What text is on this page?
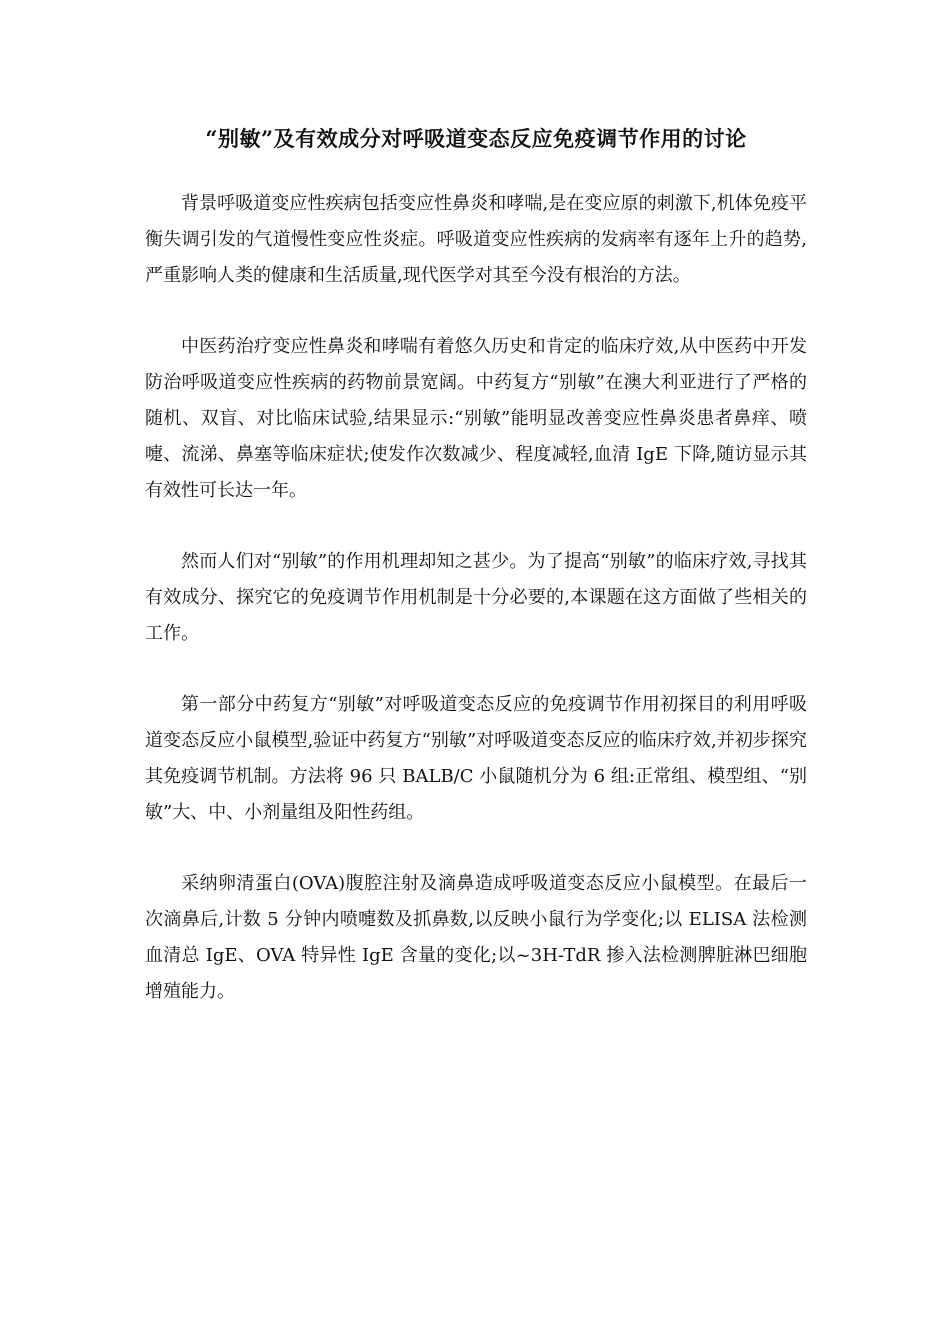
“别敏”及有效成分对呼吸道变态反应免疫调节作用的讨论

背景呼吸道变应性疾病包括变应性鼻炎和哮喘,是在变应原的刺激下,机体免疫平衡失调引发的气道慢性变应性炎症。呼吸道变应性疾病的发病率有逐年上升的趋势,严重影响人类的健康和生活质量,现代医学对其至今没有根治的方法。

中医药治疗变应性鼻炎和哮喘有着悠久历史和肯定的临床疗效,从中医药中开发防治呼吸道变应性疾病的药物前景宽阔。中药复方“别敏”在澳大利亚进行了严格的随机、双盲、对比临床试验,结果显示:“别敏”能明显改善变应性鼻炎患者鼻痒、喷嚏、流涕、鼻塞等临床症状;使发作次数减少、程度减轻,血清 IgE 下降,随访显示其有效性可长达一年。

然而人们对“别敏”的作用机理却知之甚少。为了提高“别敏”的临床疗效,寻找其有效成分、探究它的免疫调节作用机制是十分必要的,本课题在这方面做了些相关的工作。

第一部分中药复方“别敏”对呼吸道变态反应的免疫调节作用初探目的利用呼吸道变态反应小鼠模型,验证中药复方“别敏”对呼吸道变态反应的临床疗效,并初步探究其免疫调节机制。方法将 96 只 BALB/C 小鼠随机分为 6 组:正常组、模型组、“别敏”大、中、小剂量组及阳性药组。

采纳卵清蛋白(OVA)腹腔注射及滴鼻造成呼吸道变态反应小鼠模型。在最后一次滴鼻后,计数 5 分钟内喷嚏数及抓鼻数,以反映小鼠行为学变化;以 ELISA 法检测血清总 IgE、OVA 特异性 IgE 含量的变化;以~3H-TdR 掺入法检测脾脏淋巴细胞增殖能力。
